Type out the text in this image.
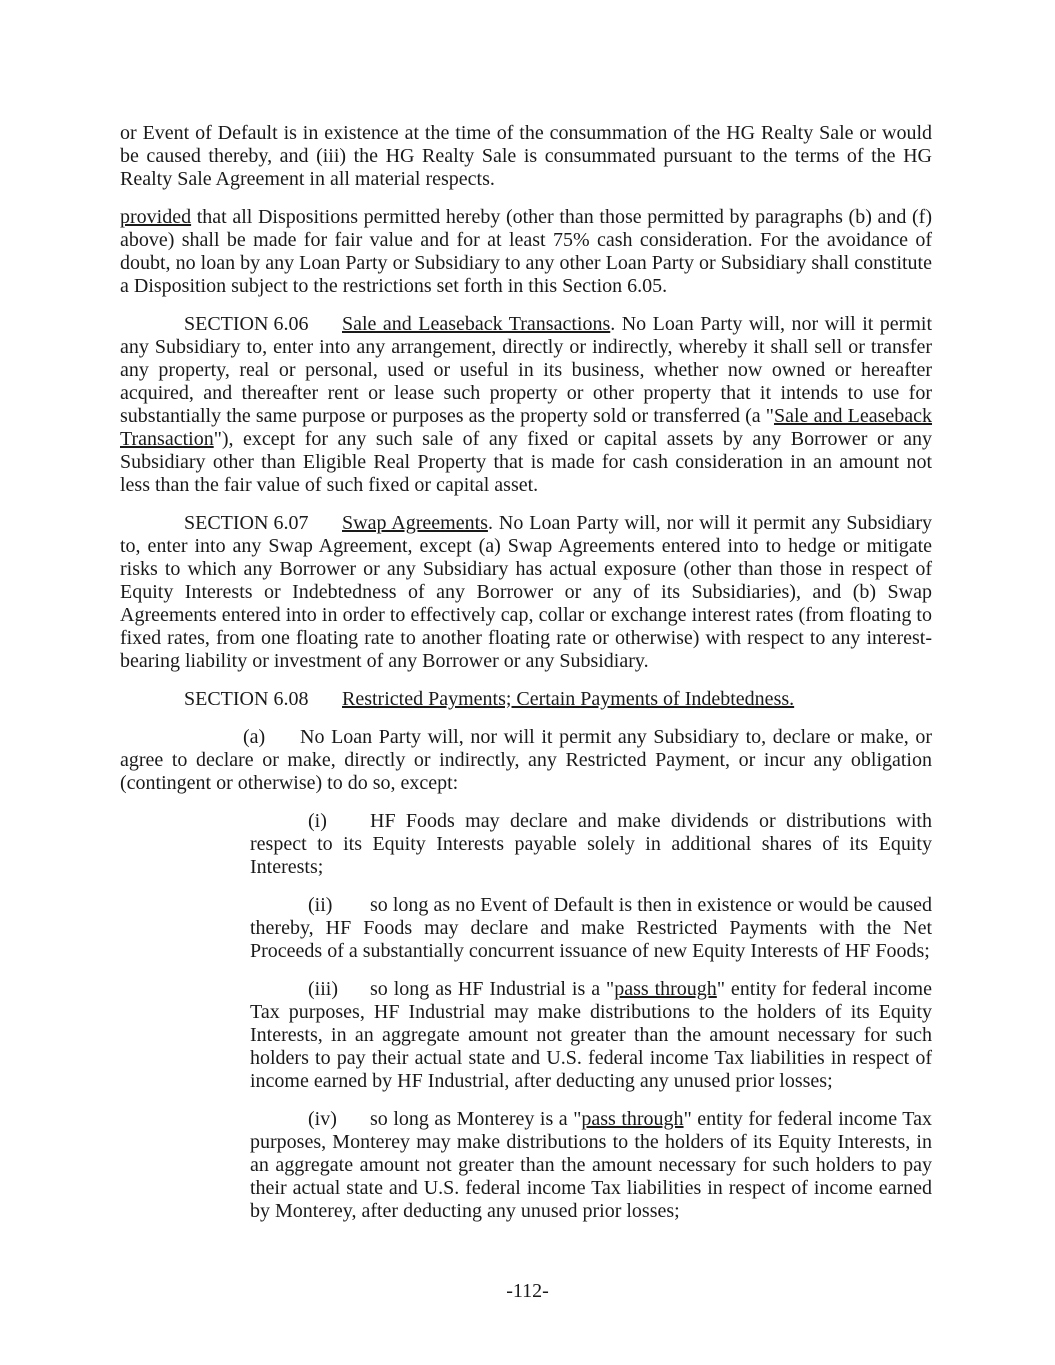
or Event of Default is in existence at the time of the consummation of the HG Realty Sale or would be caused thereby, and (iii) the HG Realty Sale is consummated pursuant to the terms of the HG Realty Sale Agreement in all material respects.

provided that all Dispositions permitted hereby (other than those permitted by paragraphs (b) and (f) above) shall be made for fair value and for at least 75% cash consideration. For the avoidance of doubt, no loan by any Loan Party or Subsidiary to any other Loan Party or Subsidiary shall constitute a Disposition subject to the restrictions set forth in this Section 6.05.

SECTION 6.06 Sale and Leaseback Transactions. No Loan Party will, nor will it permit any Subsidiary to, enter into any arrangement, directly or indirectly, whereby it shall sell or transfer any property, real or personal, used or useful in its business, whether now owned or hereafter acquired, and thereafter rent or lease such property or other property that it intends to use for substantially the same purpose or purposes as the property sold or transferred (a "Sale and Leaseback Transaction"), except for any such sale of any fixed or capital assets by any Borrower or any Subsidiary other than Eligible Real Property that is made for cash consideration in an amount not less than the fair value of such fixed or capital asset.

SECTION 6.07 Swap Agreements. No Loan Party will, nor will it permit any Subsidiary to, enter into any Swap Agreement, except (a) Swap Agreements entered into to hedge or mitigate risks to which any Borrower or any Subsidiary has actual exposure (other than those in respect of Equity Interests or Indebtedness of any Borrower or any of its Subsidiaries), and (b) Swap Agreements entered into in order to effectively cap, collar or exchange interest rates (from floating to fixed rates, from one floating rate to another floating rate or otherwise) with respect to any interest-bearing liability or investment of any Borrower or any Subsidiary.

SECTION 6.08 Restricted Payments; Certain Payments of Indebtedness.

(a) No Loan Party will, nor will it permit any Subsidiary to, declare or make, or agree to declare or make, directly or indirectly, any Restricted Payment, or incur any obligation (contingent or otherwise) to do so, except:

(i) HF Foods may declare and make dividends or distributions with respect to its Equity Interests payable solely in additional shares of its Equity Interests;

(ii) so long as no Event of Default is then in existence or would be caused thereby, HF Foods may declare and make Restricted Payments with the Net Proceeds of a substantially concurrent issuance of new Equity Interests of HF Foods;

(iii) so long as HF Industrial is a "pass through" entity for federal income Tax purposes, HF Industrial may make distributions to the holders of its Equity Interests, in an aggregate amount not greater than the amount necessary for such holders to pay their actual state and U.S. federal income Tax liabilities in respect of income earned by HF Industrial, after deducting any unused prior losses;

(iv) so long as Monterey is a "pass through" entity for federal income Tax purposes, Monterey may make distributions to the holders of its Equity Interests, in an aggregate amount not greater than the amount necessary for such holders to pay their actual state and U.S. federal income Tax liabilities in respect of income earned by Monterey, after deducting any unused prior losses;

-112-
